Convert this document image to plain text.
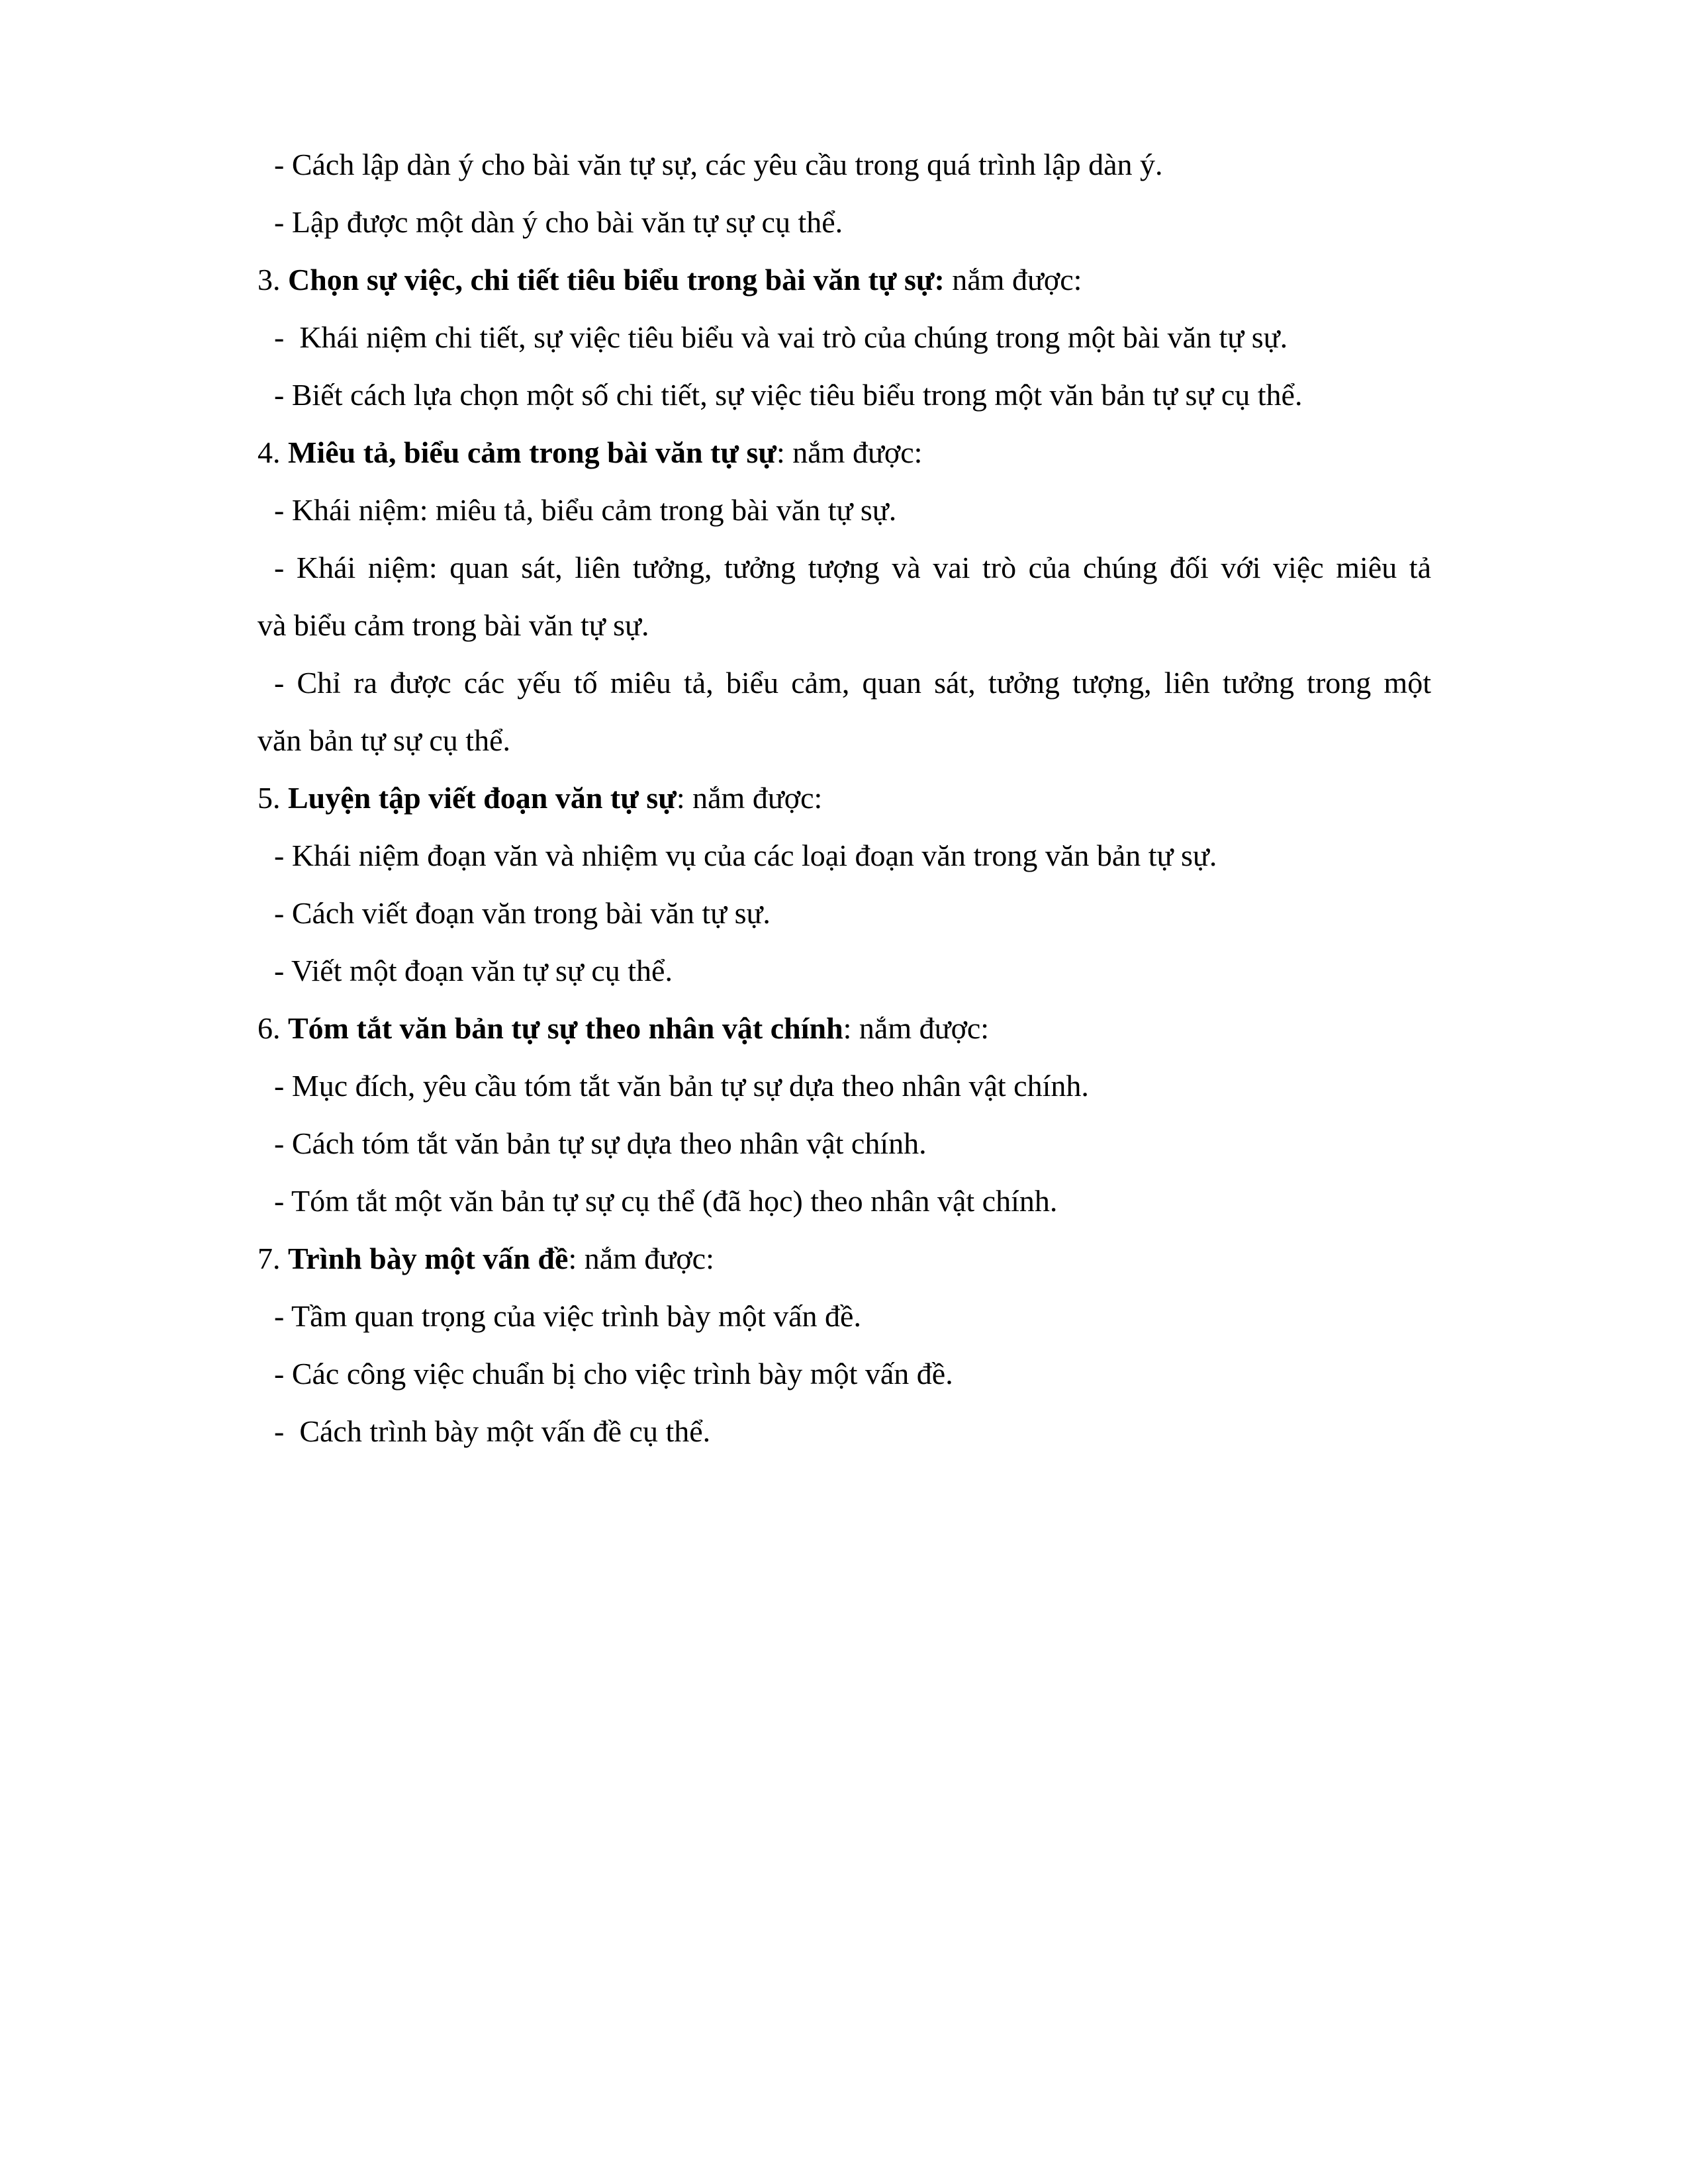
- Cách lập dàn ý cho bài văn tự sự, các yêu cầu trong quá trình lập dàn ý.
- Lập được một dàn ý cho bài văn tự sự cụ thể.
3. Chọn sự việc, chi tiết tiêu biểu trong bài văn tự sự: nắm được:
-  Khái niệm chi tiết, sự việc tiêu biểu và vai trò của chúng trong một bài văn tự sự.
- Biết cách lựa chọn một số chi tiết, sự việc tiêu biểu trong một văn bản tự sự cụ thể.
4. Miêu tả, biểu cảm trong bài văn tự sự: nắm được:
- Khái niệm: miêu tả, biểu cảm trong bài văn tự sự.
- Khái niệm: quan sát, liên tưởng, tưởng tượng và vai trò của chúng đối với việc miêu tả
và biểu cảm trong bài văn tự sự.
- Chỉ ra được các yếu tố miêu tả, biểu cảm, quan sát, tưởng tượng, liên tưởng trong một
văn bản tự sự cụ thể.
5. Luyện tập viết đoạn văn tự sự: nắm được:
- Khái niệm đoạn văn và nhiệm vụ của các loại đoạn văn trong văn bản tự sự.
- Cách viết đoạn văn trong bài văn tự sự.
- Viết một đoạn văn tự sự cụ thể.
6. Tóm tắt văn bản tự sự theo nhân vật chính: nắm được:
- Mục đích, yêu cầu tóm tắt văn bản tự sự dựa theo nhân vật chính.
- Cách tóm tắt văn bản tự sự dựa theo nhân vật chính.
- Tóm tắt một văn bản tự sự cụ thể (đã học) theo nhân vật chính.
7. Trình bày một vấn đề: nắm được:
- Tầm quan trọng của việc trình bày một vấn đề.
- Các công việc chuẩn bị cho việc trình bày một vấn đề.
-  Cách trình bày một vấn đề cụ thể.
